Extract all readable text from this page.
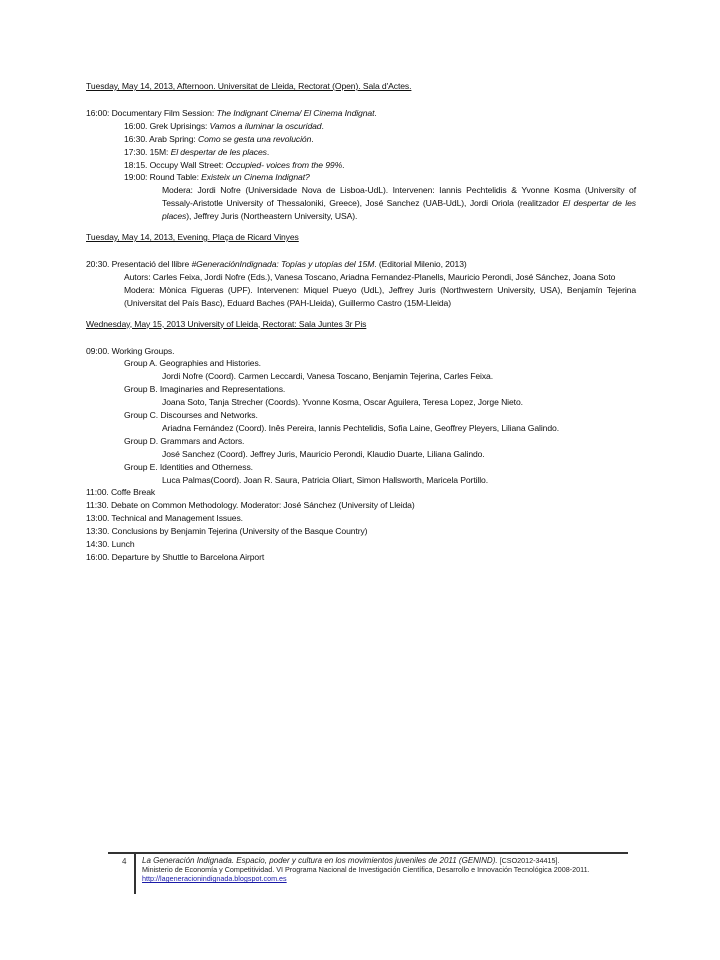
Tuesday, May 14, 2013, Afternoon. Universitat de Lleida, Rectorat (Open). Sala d'Actes.

16:00: Documentary Film Session: The Indignant Cinema/ El Cinema Indignat.

16:00. Grek Uprisings: Vamos a iluminar la oscuridad.

16:30. Arab Spring: Como se gesta una revolución.

17:30. 15M: El despertar de les places.

18:15. Occupy Wall Street: Occupied- voices from the 99%.

19:00: Round Table: Existeix un Cinema Indignat?

Modera: Jordi Nofre (Universidade Nova de Lisboa-UdL). Intervenen: Iannis Pechtelidis & Yvonne Kosma (University of Tessaly-Aristotle University of Thessaloniki, Greece), José Sanchez (UAB-UdL), Jordi Oriola (realitzador El despertar de les places), Jeffrey Juris (Northeastern University, USA).

Tuesday, May 14, 2013, Evening. Plaça de Ricard Vinyes

20:30. Presentació del llibre #GeneraciónIndignada: Topías y utopías del 15M. (Editorial Milenio, 2013)

Autors: Carles Feixa, Jordi Nofre (Eds.), Vanesa Toscano, Ariadna Fernandez-Planells, Mauricio Perondi, José Sánchez, Joana Soto

Modera: Mònica Figueras (UPF). Intervenen: Miquel Pueyo (UdL), Jeffrey Juris (Northwestern University, USA), Benjamín Tejerina (Universitat del País Basc), Eduard Baches (PAH-Lleida), Guillermo Castro (15M-Lleida)

Wednesday, May 15, 2013 University of Lleida, Rectorat: Sala Juntes 3r Pis

09:00. Working Groups.

Group A. Geographies and Histories.

Jordi Nofre (Coord). Carmen Leccardi, Vanesa Toscano, Benjamin Tejerina, Carles Feixa.

Group B. Imaginaries and Representations.

Joana Soto, Tanja Strecher (Coords). Yvonne Kosma, Oscar Aguilera, Teresa Lopez, Jorge Nieto.

Group C. Discourses and Networks.

Ariadna Fernández (Coord). Inês Pereira, Iannis Pechtelidis, Sofia Laine, Geoffrey Pleyers, Liliana Galindo.

Group D. Grammars and Actors.

José Sanchez (Coord). Jeffrey Juris, Mauricio Perondi, Klaudio Duarte, Liliana Galindo.

Group E. Identities and Otherness.

Luca Palmas(Coord). Joan R. Saura, Patricia Oliart, Simon Hallsworth, Maricela Portillo.

11:00. Coffe Break

11:30. Debate on Common Methodology. Moderator: José Sánchez (University of Lleida)

13:00. Technical and Management Issues.

13:30. Conclusions by Benjamin Tejerina (University of the Basque Country)

14:30. Lunch

16:00. Departure by Shuttle to Barcelona Airport

4 La Generación Indignada. Espacio, poder y cultura en los movimientos juveniles de 2011 (GENIND). [CSO2012-34415].
Ministerio de Economía y Competitividad. VI Programa Nacional de Investigación Científica, Desarrollo e Innovación Tecnológica 2008-2011.
http://lageneracionindignada.blogspot.com.es
